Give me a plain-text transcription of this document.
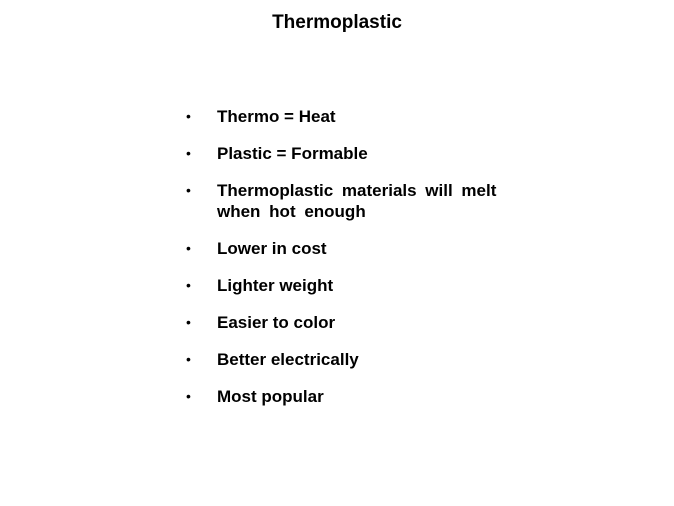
Thermoplastic
• Thermo = Heat
• Plastic = Formable
• Thermoplastic materials will melt when hot enough
• Lower in cost
• Lighter weight
• Easier to color
• Better electrically
• Most popular
